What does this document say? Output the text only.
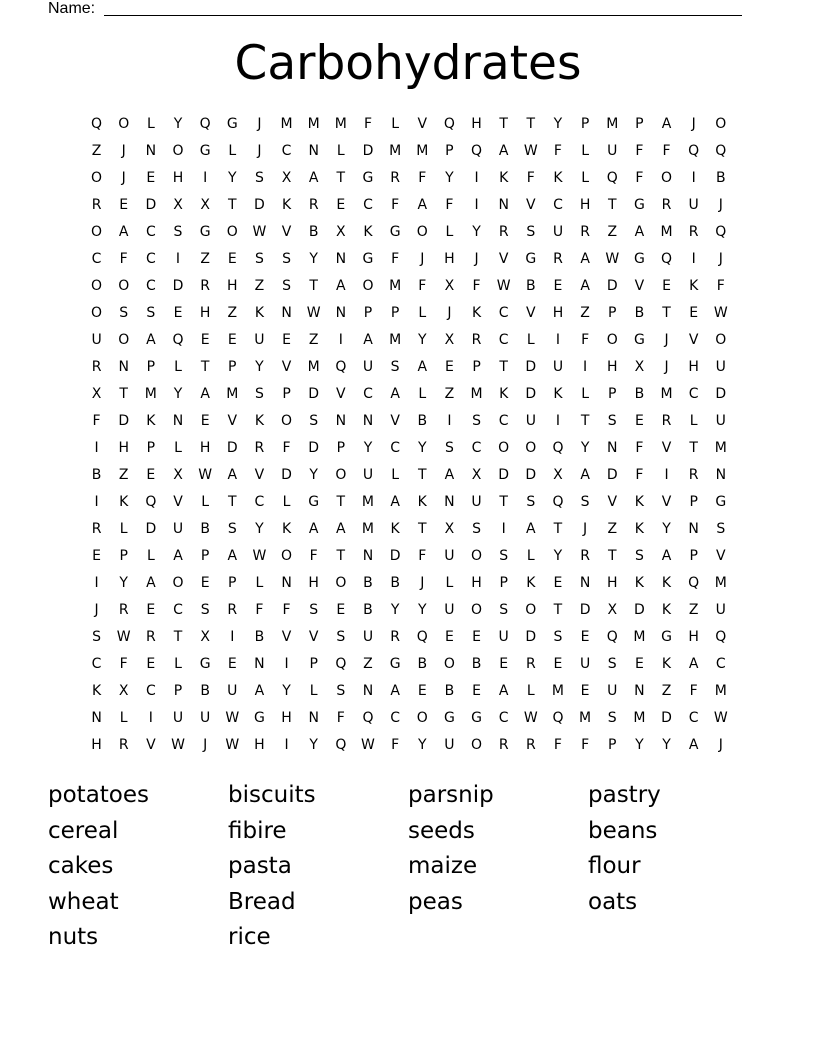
Name:
Carbohydrates
Q	O	L	Y	Q	G	J	M	M	M	F	L	V	Q	H	T	T	Y	P	M	P	A	J	O
Z	J	N	O	G	L	J	C	N	L	D	M	M	P	Q	A	W	F	L	U	F	F	Q	Q
O	J	E	H	I	Y	S	X	A	T	G	R	F	Y	I	K	F	K	L	Q	F	O	I	B
R	E	D	X	X	T	D	K	R	E	C	F	A	F	I	N	V	C	H	T	G	R	U	J
O	A	C	S	G	O	W	V	B	X	K	G	O	L	Y	R	S	U	R	Z	A	M	R	Q
C	F	C	I	Z	E	S	S	Y	N	G	F	J	H	J	V	G	R	A	W	G	Q	I	J
O	O	C	D	R	H	Z	S	T	A	O	M	F	X	F	W	B	E	A	D	V	E	K	F
O	S	S	E	H	Z	K	N	W	N	P	P	L	J	K	C	V	H	Z	P	B	T	E	W
U	O	A	Q	E	E	U	E	Z	I	A	M	Y	X	R	C	L	I	F	O	G	J	V	O
R	N	P	L	T	P	Y	V	M	Q	U	S	A	E	P	T	D	U	I	H	X	J	H	U
X	T	M	Y	A	M	S	P	D	V	C	A	L	Z	M	K	D	K	L	P	B	M	C	D
F	D	K	N	E	V	K	O	S	N	N	V	B	I	S	C	U	I	T	S	E	R	L	U
I	H	P	L	H	D	R	F	D	P	Y	C	Y	S	C	O	O	Q	Y	N	F	V	T	M
B	Z	E	X	W	A	V	D	Y	O	U	L	T	A	X	D	D	X	A	D	F	I	R	N
I	K	Q	V	L	T	C	L	G	T	M	A	K	N	U	T	S	Q	S	V	K	V	P	G
R	L	D	U	B	S	Y	K	A	A	M	K	T	X	S	I	A	T	J	Z	K	Y	N	S
E	P	L	A	P	A	W	O	F	T	N	D	F	U	O	S	L	Y	R	T	S	A	P	V
I	Y	A	O	E	P	L	N	H	O	B	B	J	L	H	P	K	E	N	H	K	K	Q	M
J	R	E	C	S	R	F	F	S	E	B	Y	Y	U	O	S	O	T	D	X	D	K	Z	U
S	W	R	T	X	I	B	V	V	S	U	R	Q	E	E	U	D	S	E	Q	M	G	H	Q
C	F	E	L	G	E	N	I	P	Q	Z	G	B	O	B	E	R	E	U	S	E	K	A	C
K	X	C	P	B	U	A	Y	L	S	N	A	E	B	E	A	L	M	E	U	N	Z	F	M
N	L	I	U	U	W	G	H	N	F	Q	C	O	G	G	C	W	Q	M	S	M	D	C	W
H	R	V	W	J	W	H	I	Y	Q	W	F	Y	U	O	R	R	F	F	P	Y	Y	A	J
potatoes	biscuits	parsnip	pastry
cereal	fibire	seeds	beans
cakes	pasta	maize	flour
wheat	Bread	peas	oats
nuts	rice
